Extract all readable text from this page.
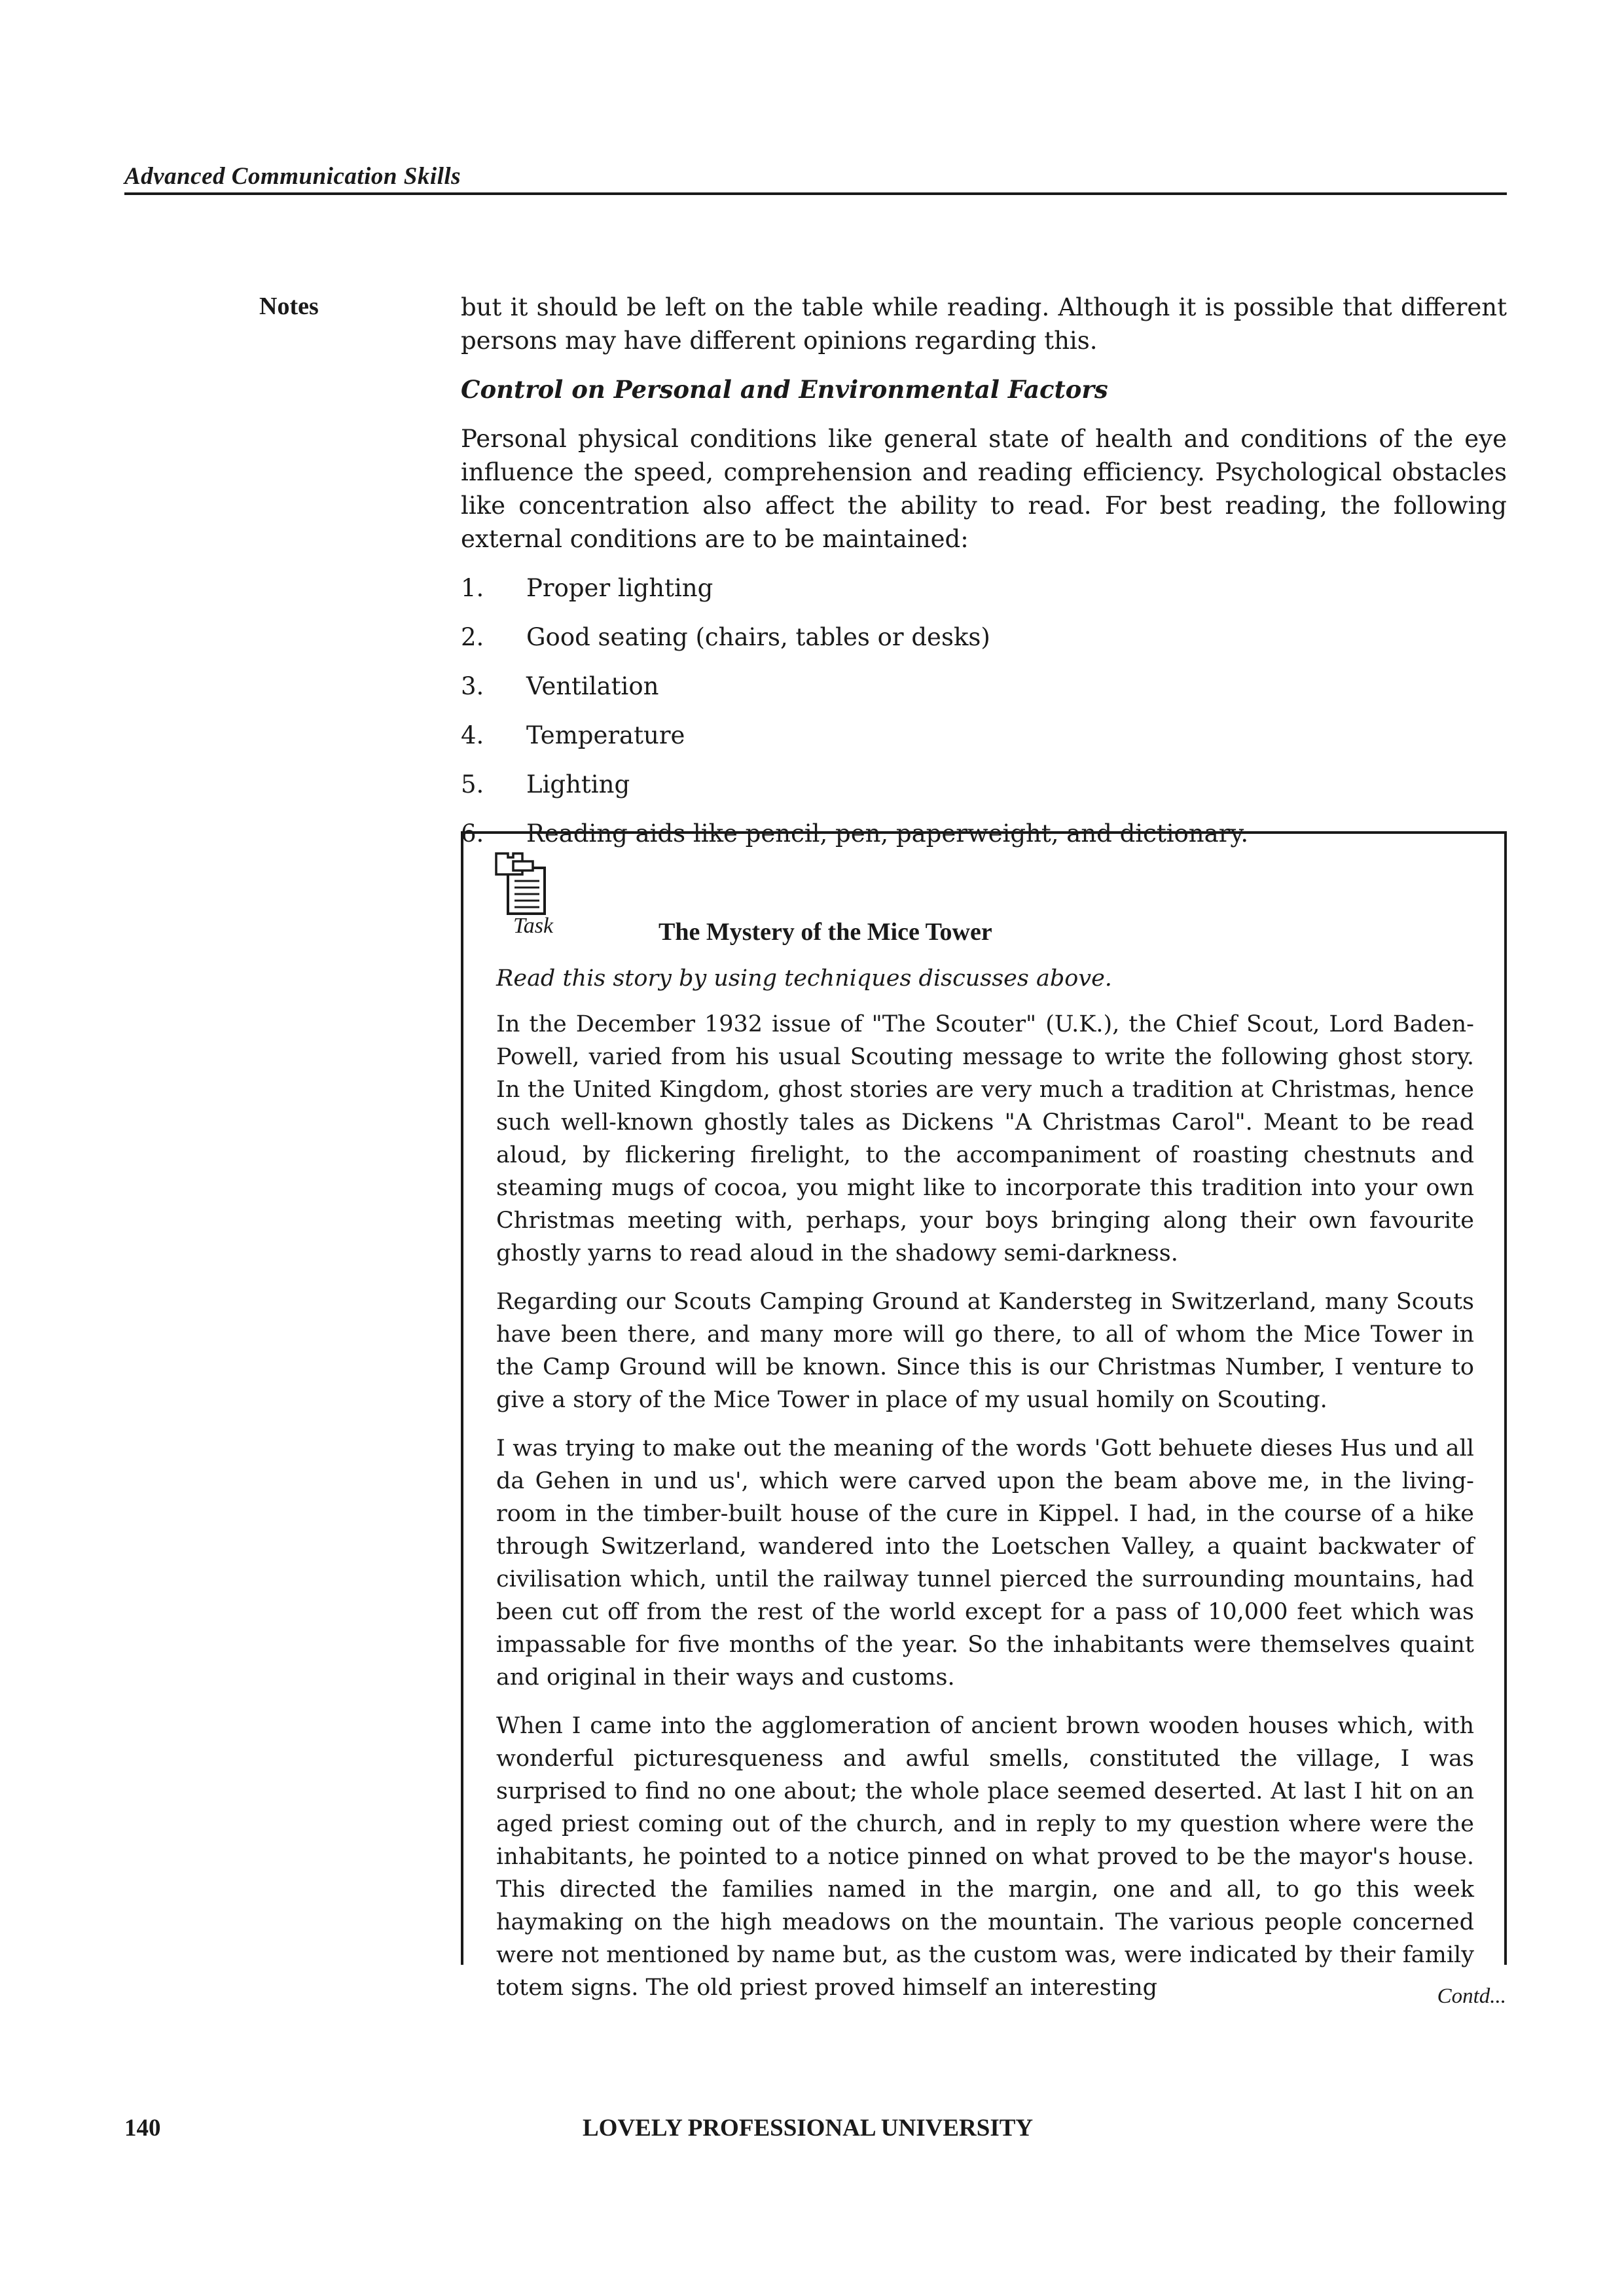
Advanced Communication Skills
Notes	but it should be left on the table while reading. Although it is possible that different persons may have different opinions regarding this.

Control on Personal and Environmental Factors

Personal physical conditions like general state of health and conditions of the eye influence the speed, comprehension and reading efficiency. Psychological obstacles like concentration also affect the ability to read. For best reading, the following external conditions are to be maintained:

1.	Proper lighting
2.	Good seating (chairs, tables or desks)
3.	Ventilation
4.	Temperature
5.	Lighting
6.	Reading aids like pencil, pen, paperweight, and dictionary.
Task	The Mystery of the Mice Tower

Read this story by using techniques discusses above.

In the December 1932 issue of "The Scouter" (U.K.), the Chief Scout, Lord Baden-Powell, varied from his usual Scouting message to write the following ghost story. In the United Kingdom, ghost stories are very much a tradition at Christmas, hence such well-known ghostly tales as Dickens "A Christmas Carol". Meant to be read aloud, by flickering firelight, to the accompaniment of roasting chestnuts and steaming mugs of cocoa, you might like to incorporate this tradition into your own Christmas meeting with, perhaps, your boys bringing along their own favourite ghostly yarns to read aloud in the shadowy semi-darkness.

Regarding our Scouts Camping Ground at Kandersteg in Switzerland, many Scouts have been there, and many more will go there, to all of whom the Mice Tower in the Camp Ground will be known. Since this is our Christmas Number, I venture to give a story of the Mice Tower in place of my usual homily on Scouting.

I was trying to make out the meaning of the words 'Gott behuete dieses Hus und all da Gehen in und us', which were carved upon the beam above me, in the living-room in the timber-built house of the cure in Kippel. I had, in the course of a hike through Switzerland, wandered into the Loetschen Valley, a quaint backwater of civilisation which, until the railway tunnel pierced the surrounding mountains, had been cut off from the rest of the world except for a pass of 10,000 feet which was impassable for five months of the year. So the inhabitants were themselves quaint and original in their ways and customs.

When I came into the agglomeration of ancient brown wooden houses which, with wonderful picturesqueness and awful smells, constituted the village, I was surprised to find no one about; the whole place seemed deserted. At last I hit on an aged priest coming out of the church, and in reply to my question where were the inhabitants, he pointed to a notice pinned on what proved to be the mayor's house. This directed the families named in the margin, one and all, to go this week haymaking on the high meadows on the mountain. The various people concerned were not mentioned by name but, as the custom was, were indicated by their family totem signs. The old priest proved himself an interesting	Contd...
140	LOVELY PROFESSIONAL UNIVERSITY
